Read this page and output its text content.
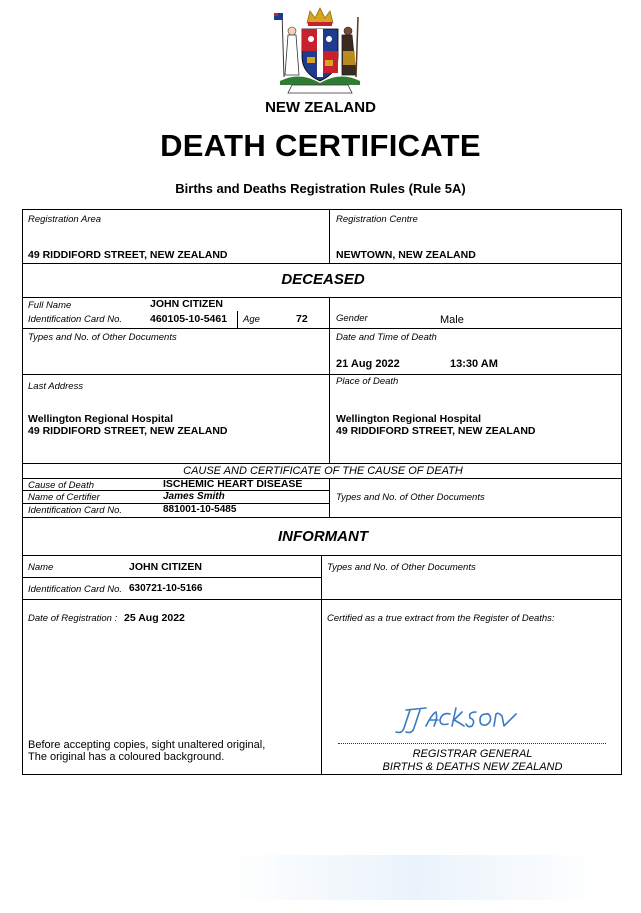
NEW ZEALAND
DEATH CERTIFICATE
Births and Deaths Registration Rules (Rule 5A)
Registration Area
49 RIDDIFORD STREET, NEW ZEALAND
Registration Centre
NEWTOWN, NEW ZEALAND
DECEASED
Full Name	JOHN CITIZEN
Identification Card No.	460105-10-5461 Age	72	Gender	Male
Types and No. of Other Documents	Date and Time of Death
21 Aug 2022	13:30 AM
Last Address
Wellington Regional Hospital
49 RIDDIFORD STREET, NEW ZEALAND
Place of Death
Wellington Regional Hospital
49 RIDDIFORD STREET, NEW ZEALAND
CAUSE AND CERTIFICATE OF THE CAUSE OF DEATH
Cause of Death	ISCHEMIC HEART DISEASE
Name of Certifier	James Smith
Identification Card No.	881001-10-5485
Types and No. of Other Documents
INFORMANT
Name	JOHN CITIZEN	Types and No. of Other Documents
Identification Card No. 630721-10-5166
Date of Registration : 25 Aug 2022	Certified as a true extract from the Register of Deaths:
Before accepting copies, sight unaltered original,
The original has a coloured background.	REGISTRAR GENERAL
BIRTHS & DEATHS NEW ZEALAND
